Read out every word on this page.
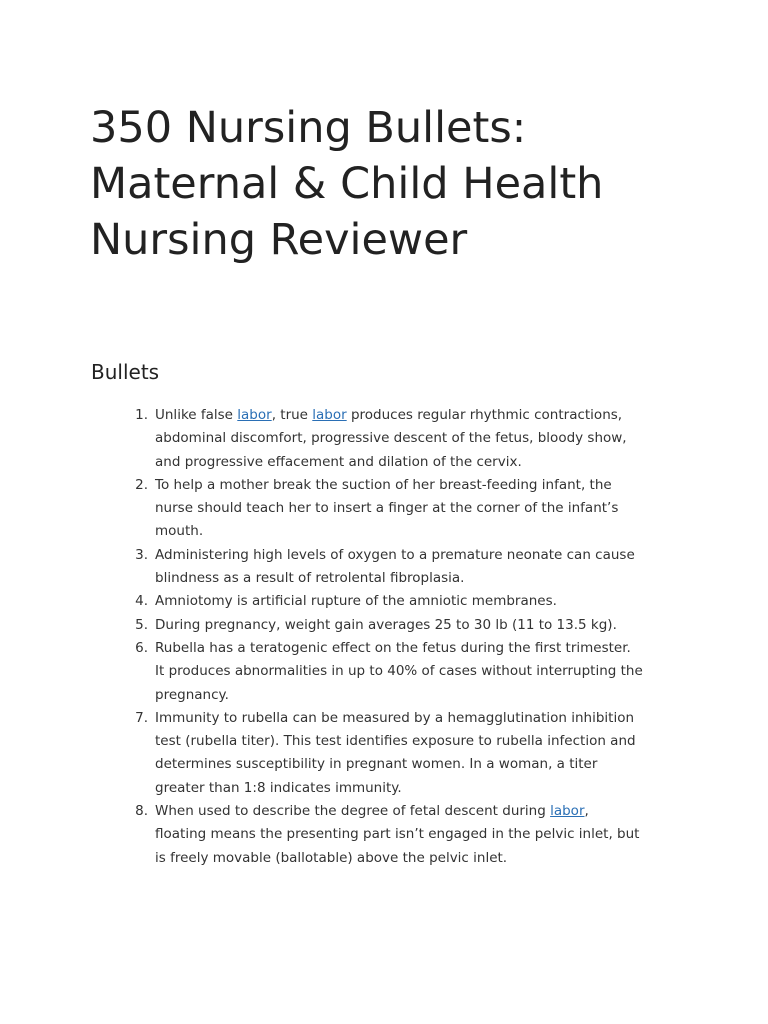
350 Nursing Bullets:
Maternal & Child Health
Nursing Reviewer
Bullets
1. Unlike false labor, true labor produces regular rhythmic contractions,
abdominal discomfort, progressive descent of the fetus, bloody show,
and progressive effacement and dilation of the cervix.
2. To help a mother break the suction of her breast-feeding infant, the
nurse should teach her to insert a finger at the corner of the infant’s
mouth.
3. Administering high levels of oxygen to a premature neonate can cause
blindness as a result of retrolental fibroplasia.
4. Amniotomy is artificial rupture of the amniotic membranes.
5. During pregnancy, weight gain averages 25 to 30 lb (11 to 13.5 kg).
6. Rubella has a teratogenic effect on the fetus during the first trimester.
It produces abnormalities in up to 40% of cases without interrupting the
pregnancy.
7. Immunity to rubella can be measured by a hemagglutination inhibition
test (rubella titer). This test identifies exposure to rubella infection and
determines susceptibility in pregnant women. In a woman, a titer
greater than 1:8 indicates immunity.
8. When used to describe the degree of fetal descent during labor,
floating means the presenting part isn’t engaged in the pelvic inlet, but
is freely movable (ballotable) above the pelvic inlet.
